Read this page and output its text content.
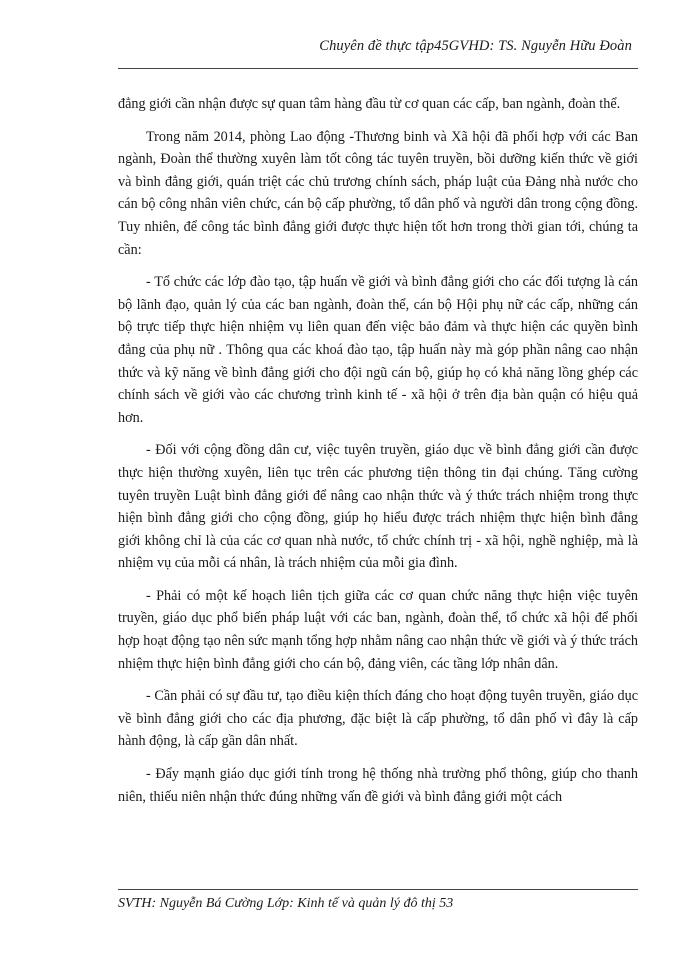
Chuyên đề thực tập45GVHD: TS. Nguyễn Hữu Đoàn

đẳng giới cần nhận được sự quan tâm hàng đầu từ cơ quan các cấp, ban ngành, đoàn thể.

Trong năm 2014, phòng Lao động -Thương binh và Xã hội đã phối hợp với các Ban ngành, Đoàn thể thường xuyên làm tốt công tác tuyên truyền, bồi dưỡng kiến thức về giới và bình đẳng giới, quán triệt các chủ trương chính sách, pháp luật của Đảng nhà nước cho cán bộ công nhân viên chức, cán bộ cấp phường, tổ dân phố và người dân trong cộng đồng. Tuy nhiên, để công tác bình đẳng giới được thực hiện tốt hơn trong thời gian tới, chúng ta cần:

- Tổ chức các lớp đào tạo, tập huấn về giới và bình đẳng giới cho các đối tượng là cán bộ lãnh đạo, quản lý của các ban ngành, đoàn thể, cán bộ Hội phụ nữ các cấp, những cán bộ trực tiếp thực hiện nhiệm vụ liên quan đến việc bảo đảm và thực hiện các quyền bình đẳng của phụ nữ . Thông qua các khoá đào tạo, tập huấn này mà góp phần nâng cao nhận thức và kỹ năng về bình đẳng giới cho đội ngũ cán bộ, giúp họ có khả năng lồng ghép các chính sách về giới vào các chương trình kinh tế - xã hội ở trên địa bàn quận có hiệu quả hơn.

- Đối với cộng đồng dân cư, việc tuyên truyền, giáo dục về bình đẳng giới cần được thực hiện thường xuyên, liên tục trên các phương tiện thông tin đại chúng. Tăng cường tuyên truyền Luật bình đẳng giới để nâng cao nhận thức và ý thức trách nhiệm trong thực hiện bình đẳng giới cho cộng đồng, giúp họ hiểu được trách nhiệm thực hiện bình đẳng giới không chỉ là của các cơ quan nhà nước, tổ chức chính trị - xã hội, nghề nghiệp, mà là nhiệm vụ của mỗi cá nhân, là trách nhiệm của mỗi gia đình.

- Phải có một kế hoạch liên tịch giữa các cơ quan chức năng thực hiện việc tuyên truyền, giáo dục phổ biến pháp luật với các ban, ngành, đoàn thể, tổ chức xã hội để phối hợp hoạt động tạo nên sức mạnh tổng hợp nhằm nâng cao nhận thức về giới và ý thức trách nhiệm thực hiện bình đẳng giới cho cán bộ, đảng viên, các tầng lớp nhân dân.

- Cần phải có sự đầu tư, tạo điều kiện thích đáng cho hoạt động tuyên truyền, giáo dục về bình đẳng giới cho các địa phương, đặc biệt là cấp phường, tổ dân phố vì đây là cấp hành động, là cấp gần dân nhất.

- Đẩy mạnh giáo dục giới tính trong hệ thống nhà trường phổ thông, giúp cho thanh niên, thiếu niên nhận thức đúng những vấn đề giới và bình đẳng giới một cách

SVTH: Nguyễn Bá Cường Lớp: Kinh tế và quản lý đô thị 53
